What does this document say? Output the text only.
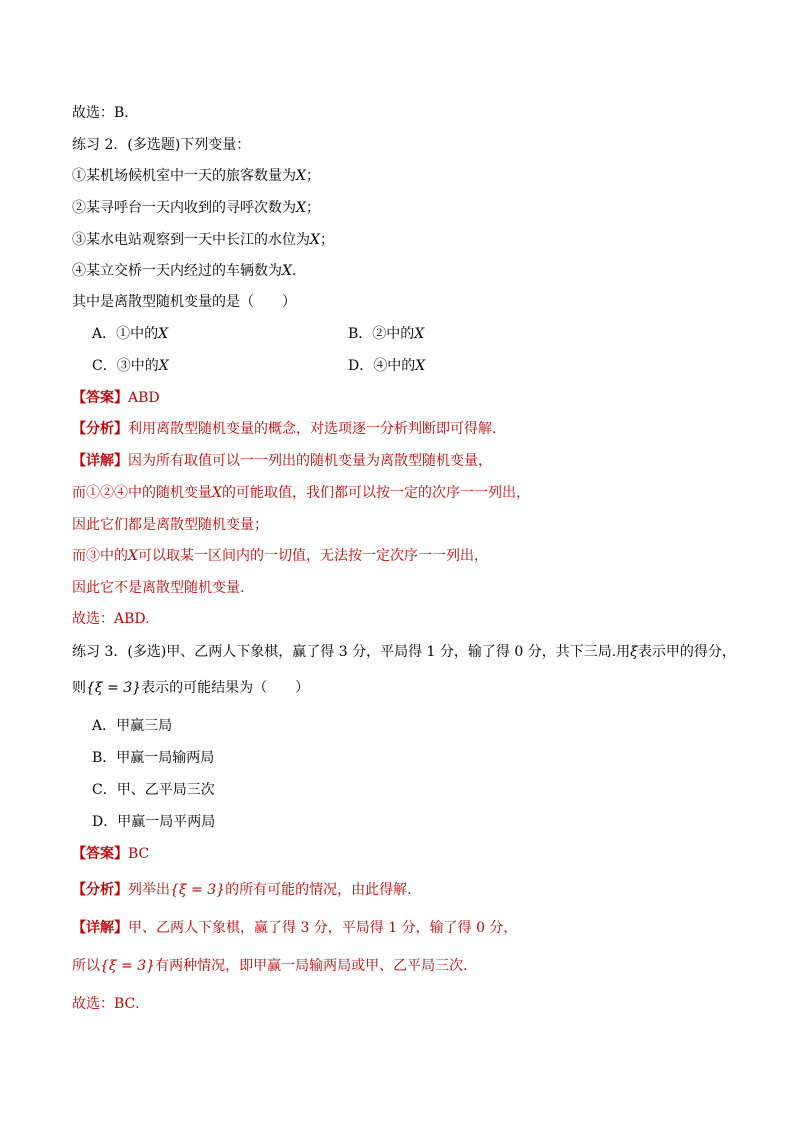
故选：B．
练习 2．(多选题)下列变量：
①某机场候机室中一天的旅客数量为X；
②某寻呼台一天内收到的寻呼次数为X；
③某水电站观察到一天中长江的水位为X；
④某立交桥一天内经过的车辆数为X.
其中是离散型随机变量的是（　　）
A．①中的X	B．②中的X
C．③中的X	D．④中的X
【答案】ABD
【分析】利用离散型随机变量的概念，对选项逐一分析判断即可得解.
【详解】因为所有取值可以一一列出的随机变量为离散型随机变量，
而①②④中的随机变量X的可能取值，我们都可以按一定的次序一一列出，
因此它们都是离散型随机变量；
而③中的X可以取某一区间内的一切值，无法按一定次序一一列出，
因此它不是离散型随机变量.
故选：ABD.
练习 3．(多选)甲、乙两人下象棋，赢了得 3 分，平局得 1 分，输了得 0 分，共下三局.用ξ表示甲的得分，
则{ξ = 3}表示的可能结果为（　　）
A．甲赢三局
B．甲赢一局输两局
C．甲、乙平局三次
D．甲赢一局平两局
【答案】BC
【分析】列举出{ξ = 3}的所有可能的情况，由此得解.
【详解】甲、乙两人下象棋，赢了得 3 分，平局得 1 分，输了得 0 分，
所以{ξ = 3}有两种情况，即甲赢一局输两局或甲、乙平局三次．
故选：BC．
